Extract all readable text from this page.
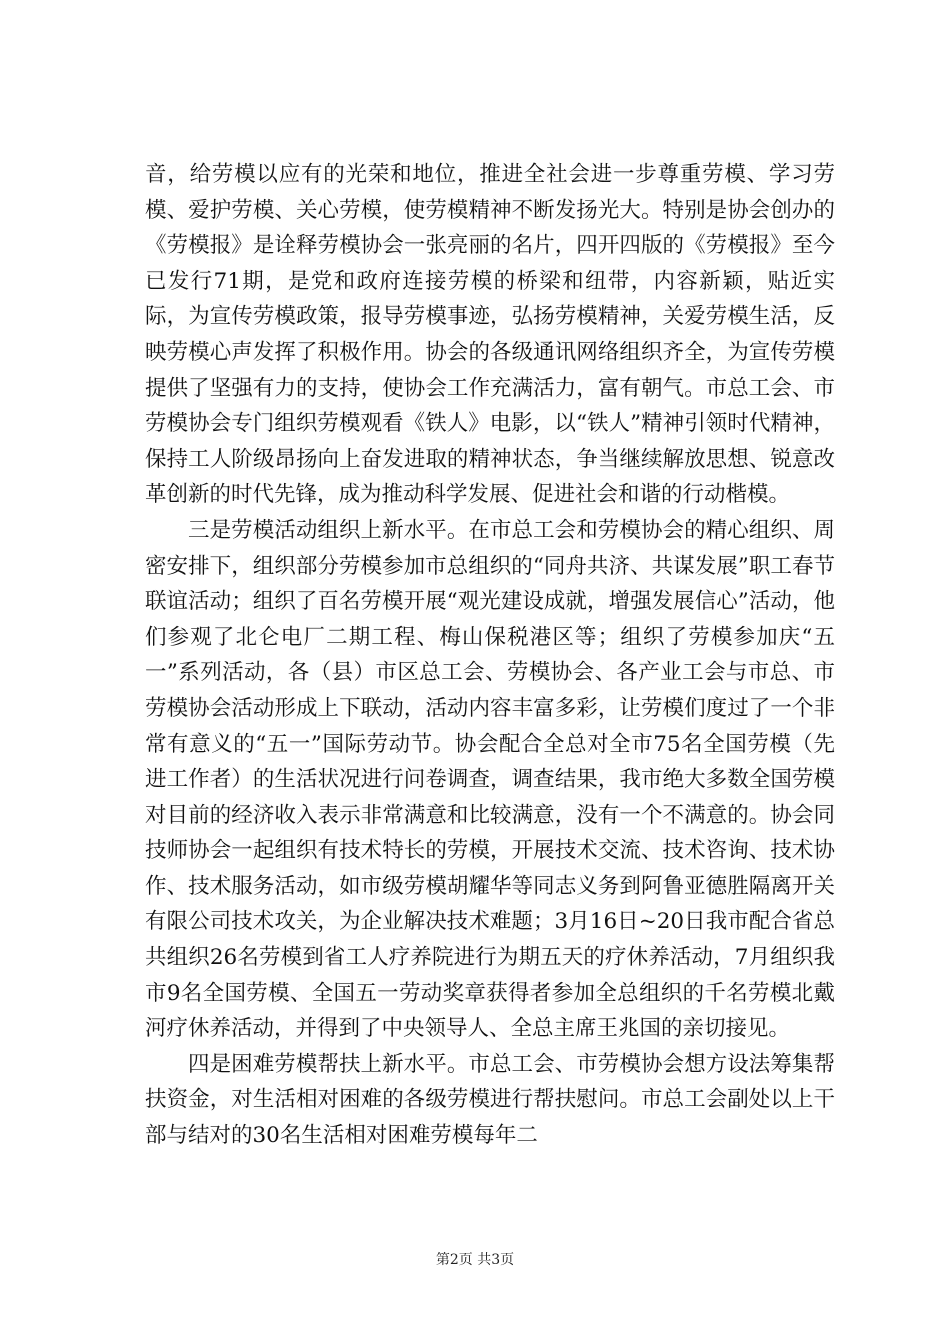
音，给劳模以应有的光荣和地位，推进全社会进一步尊重劳模、学习劳模、爱护劳模、关心劳模，使劳模精神不断发扬光大。特别是协会创办的《劳模报》是诠释劳模协会一张亮丽的名片，四开四版的《劳模报》至今已发行71期，是党和政府连接劳模的桥梁和纽带，内容新颖，贴近实际，为宣传劳模政策，报导劳模事迹，弘扬劳模精神，关爱劳模生活，反映劳模心声发挥了积极作用。协会的各级通讯网络组织齐全，为宣传劳模提供了坚强有力的支持，使协会工作充满活力，富有朝气。市总工会、市劳模协会专门组织劳模观看《铁人》电影，以“铁人”精神引领时代精神，保持工人阶级昂扬向上奋发进取的精神状态，争当继续解放思想、锐意改革创新的时代先锋，成为推动科学发展、促进社会和谐的行动楷模。

三是劳模活动组织上新水平。在市总工会和劳模协会的精心组织、周密安排下，组织部分劳模参加市总组织的“同舟共济、共谋发展”职工春节联谊活动；组织了百名劳模开展“观光建设成就，增强发展信心”活动，他们参观了北仑电厂二期工程、梅山保税港区等；组织了劳模参加庆“五一”系列活动，各（县）市区总工会、劳模协会、各产业工会与市总、市劳模协会活动形成上下联动，活动内容丰富多彩，让劳模们度过了一个非常有意义的“五一”国际劳动节。协会配合全总对全市75名全国劳模（先进工作者）的生活状况进行问卷调查，调查结果，我市绝大多数全国劳模对目前的经济收入表示非常满意和比较满意，没有一个不满意的。协会同技师协会一起组织有技术特长的劳模，开展技术交流、技术咨询、技术协作、技术服务活动，如市级劳模胡耀华等同志义务到阿鲁亚德胜隔离开关有限公司技术攻关，为企业解决技术难题；3月16日~20日我市配合省总共组织26名劳模到省工人疗养院进行为期五天的疗休养活动，7月组织我市9名全国劳模、全国五一劳动奖章获得者参加全总组织的千名劳模北戴河疗休养活动，并得到了中央领导人、全总主席王兆国的亲切接见。

四是困难劳模帮扶上新水平。市总工会、市劳模协会想方设法筹集帮扶资金，对生活相对困难的各级劳模进行帮扶慰问。市总工会副处以上干部与结对的30名生活相对困难劳模每年二

第2页 共3页
